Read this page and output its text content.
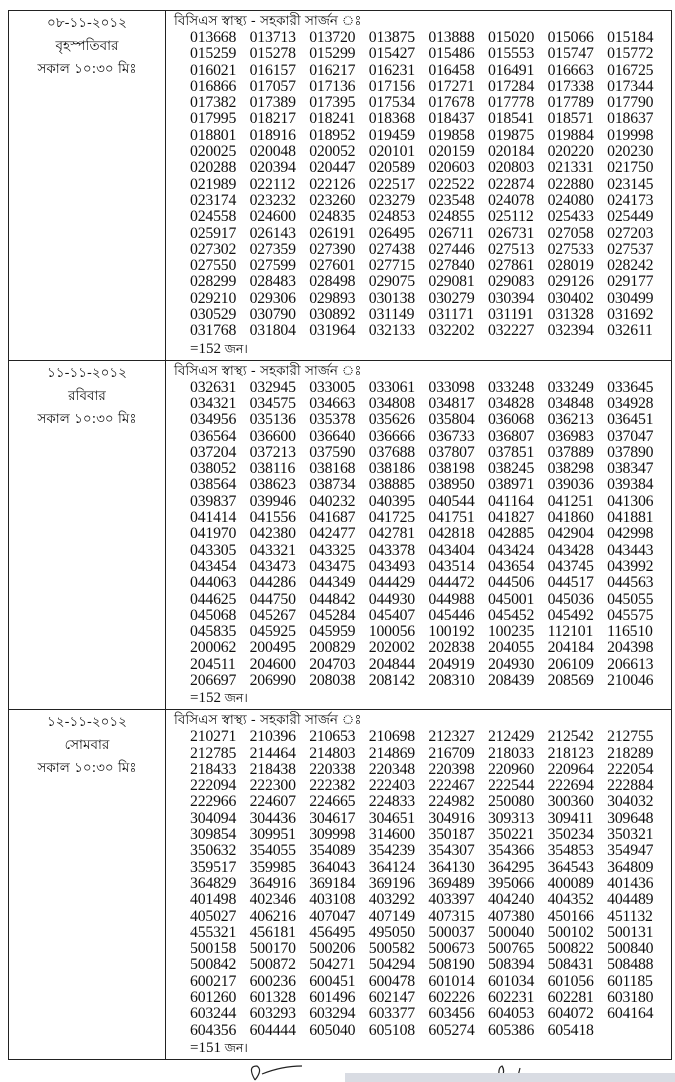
০৮-১১-২০১২
বৃহস্পতিবার
সকাল ১০:৩০ মিঃ
বিসিএস স্বাস্থ্য - সহকারী সার্জন ঃ
013668 013713 013720 013875 013888 015020 015066 015184
015259 015278 015299 015427 015486 015553 015747 015772
016021 016157 016217 016231 016458 016491 016663 016725
016866 017057 017136 017156 017271 017284 017338 017344
017382 017389 017395 017534 017678 017778 017789 017790
017995 018217 018241 018368 018437 018541 018571 018637
018801 018916 018952 019459 019858 019875 019884 019998
020025 020048 020052 020101 020159 020184 020220 020230
020288 020394 020447 020589 020603 020803 021331 021750
021989 022112 022126 022517 022522 022874 022880 023145
023174 023232 023260 023279 023548 024078 024080 024173
024558 024600 024835 024853 024855 025112 025433 025449
025917 026143 026191 026495 026711 026731 027058 027203
027302 027359 027390 027438 027446 027513 027533 027537
027550 027599 027601 027715 027840 027861 028019 028242
028299 028483 028498 029075 029081 029083 029126 029177
029210 029306 029893 030138 030279 030394 030402 030499
030529 030790 030892 031149 031171 031191 031328 031692
031768 031804 031964 032133 032202 032227 032394 032611
=152 জন।
১১-১১-২০১২
রবিবার
সকাল ১০:৩০ মিঃ
বিসিএস স্বাস্থ্য - সহকারী সার্জন ঃ
032631 032945 033005 033061 033098 033248 033249 033645
034321 034575 034663 034808 034817 034828 034848 034928
034956 035136 035378 035626 035804 036068 036213 036451
036564 036600 036640 036666 036733 036807 036983 037047
037204 037213 037590 037688 037807 037851 037889 037890
038052 038116 038168 038186 038198 038245 038298 038347
038564 038623 038734 038885 038950 038971 039036 039384
039837 039946 040232 040395 040544 041164 041251 041306
041414 041556 041687 041725 041751 041827 041860 041881
041970 042380 042477 042781 042818 042885 042904 042998
043305 043321 043325 043378 043404 043424 043428 043443
043454 043473 043475 043493 043514 043654 043745 043992
044063 044286 044349 044429 044472 044506 044517 044563
044625 044750 044842 044930 044988 045001 045036 045055
045068 045267 045284 045407 045446 045452 045492 045575
045835 045925 045959 100056 100192 100235 112101 116510
200062 200495 200829 202002 202838 204055 204184 204398
204511 204600 204703 204844 204919 204930 206109 206613
206697 206990 208038 208142 208310 208439 208569 210046
=152 জন।
১২-১১-২০১২
সোমবার
সকাল ১০:৩০ মিঃ
বিসিএস স্বাস্থ্য - সহকারী সার্জন ঃ
210271 210396 210653 210698 212327 212429 212542 212755
212785 214464 214803 214869 216709 218033 218123 218289
218433 218438 220338 220348 220398 220960 220964 222054
222094 222300 222382 222403 222467 222544 222694 222884
222966 224607 224665 224833 224982 250080 300360 304032
304094 304436 304617 304651 304916 309313 309411 309648
309854 309951 309998 314600 350187 350221 350234 350321
350632 354055 354089 354239 354307 354366 354853 354947
359517 359985 364043 364124 364130 364295 364543 364809
364829 364916 369184 369196 369489 395066 400089 401436
401498 402346 403108 403292 403397 404240 404352 404489
405027 406216 407047 407149 407315 407380 450166 451132
455321 456181 456495 495050 500037 500040 500102 500131
500158 500170 500206 500582 500673 500765 500822 500840
500842 500872 504271 504294 508190 508394 508431 508488
600217 600236 600451 600478 601014 601034 601056 601185
601260 601328 601496 602147 602226 602231 602281 603180
603244 603293 603294 603377 603456 604053 604072 604164
604356 604444 605040 605108 605274 605386 605418
=151 জন।
